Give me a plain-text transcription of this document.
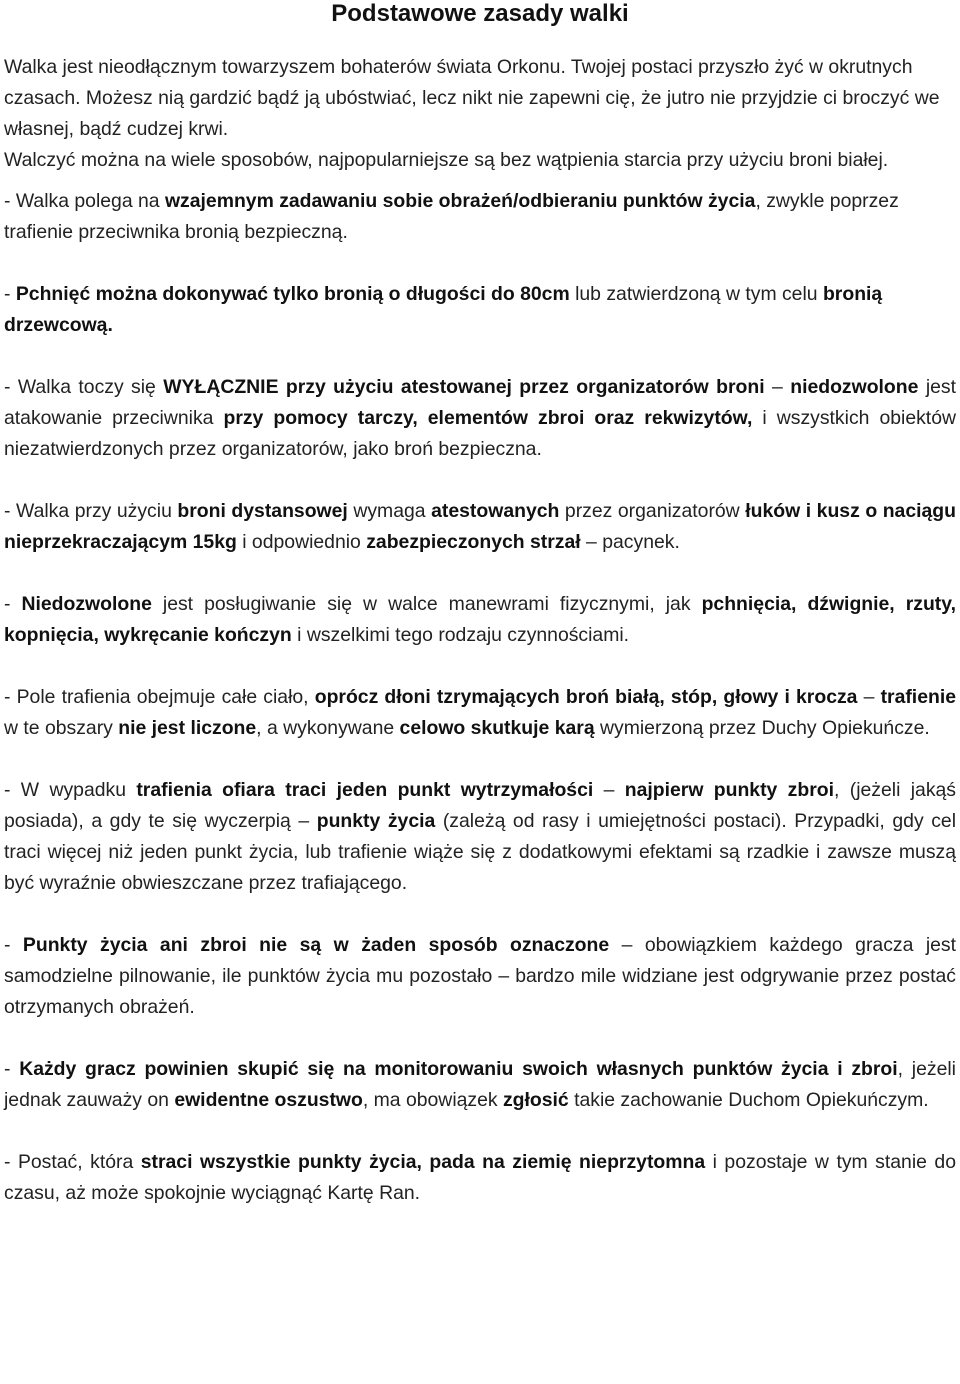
Podstawowe zasady walki

Walka jest nieodłącznym towarzyszem bohaterów świata Orkonu. Twojej postaci przyszło żyć w okrutnych czasach. Możesz nią gardzić bądź ją ubóstwiać, lecz nikt nie zapewni cię, że jutro nie przyjdzie ci broczyć we własnej, bądź cudzej krwi.

Walczyć można na wiele sposobów, najpopularniejsze są bez wątpienia starcia przy użyciu broni białej.

- Walka polega na wzajemnym zadawaniu sobie obrażeń/odbieraniu punktów życia, zwykle poprzez trafienie przeciwnika bronią bezpieczną.

- Pchnięć można dokonywać tylko bronią o długości do 80cm lub zatwierdzoną w tym celu bronią drzewcową.

- Walka toczy się WYŁĄCZNIE przy użyciu atestowanej przez organizatorów broni – niedozwolone jest atakowanie przeciwnika przy pomocy tarczy, elementów zbroi oraz rekwizytów, i wszystkich obiektów niezatwierdzonych przez organizatorów, jako broń bezpieczna.

- Walka przy użyciu broni dystansowej wymaga atestowanych przez organizatorów łuków i kusz o naciągu nieprzekraczającym 15kg i odpowiednio zabezpieczonych strzał – pacynek.

- Niedozwolone jest posługiwanie się w walce manewrami fizycznymi, jak pchnięcia, dźwignie, rzuty, kopnięcia, wykręcanie kończyn i wszelkimi tego rodzaju czynnościami.

- Pole trafienia obejmuje całe ciało, oprócz dłoni tzrymających broń białą, stóp, głowy i krocza – trafienie w te obszary nie jest liczone, a wykonywane celowo skutkuje karą wymierzoną przez Duchy Opiekuńcze.

- W wypadku trafienia ofiara traci jeden punkt wytrzymałości – najpierw punkty zbroi, (jeżeli jakąś posiada), a gdy te się wyczerpią – punkty życia (zależą od rasy i umiejętności postaci). Przypadki, gdy cel traci więcej niż jeden punkt życia, lub trafienie wiąże się z dodatkowymi efektami są rzadkie i zawsze muszą być wyraźnie obwieszczane przez trafiającego.

- Punkty życia ani zbroi nie są w żaden sposób oznaczone – obowiązkiem każdego gracza jest samodzielne pilnowanie, ile punktów życia mu pozostało – bardzo mile widziane jest odgrywanie przez postać otrzymanych obrażeń.

- Każdy gracz powinien skupić się na monitorowaniu swoich własnych punktów życia i zbroi, jeżeli jednak zauważy on ewidentne oszustwo, ma obowiązek zgłosić takie zachowanie Duchom Opiekuńczym.

- Postać, która straci wszystkie punkty życia, pada na ziemię nieprzytomna i pozostaje w tym stanie do czasu, aż może spokojnie wyciągnąć Kartę Ran.
